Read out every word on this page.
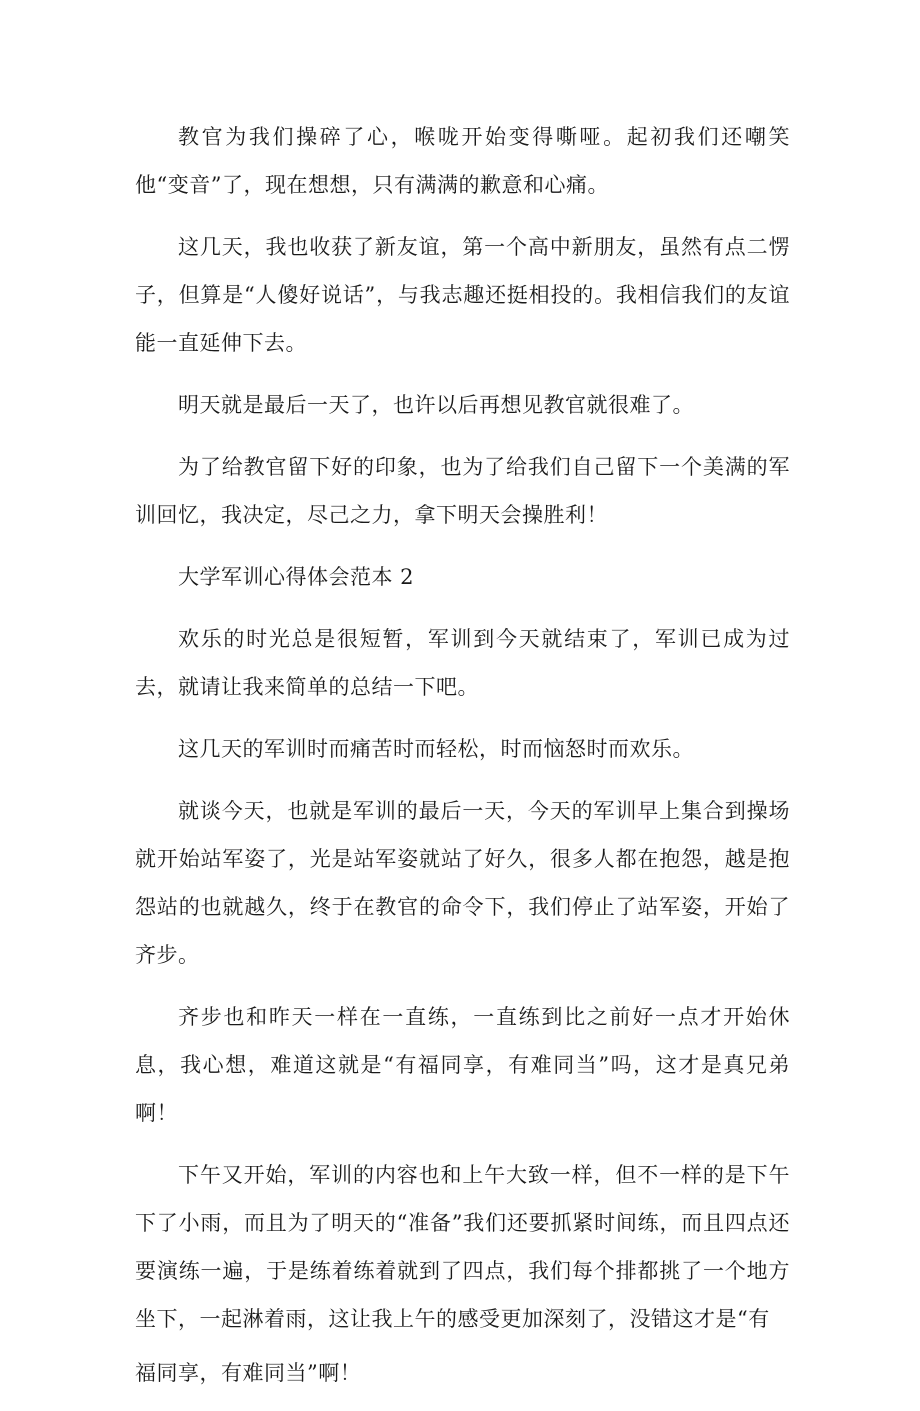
教官为我们操碎了心，喉咙开始变得嘶哑。起初我们还嘲笑他“变音”了，现在想想，只有满满的歉意和心痛。

这几天，我也收获了新友谊，第一个高中新朋友，虽然有点二愣子，但算是“人傻好说话”，与我志趣还挺相投的。我相信我们的友谊能一直延伸下去。

明天就是最后一天了，也许以后再想见教官就很难了。

为了给教官留下好的印象，也为了给我们自己留下一个美满的军训回忆，我决定，尽己之力，拿下明天会操胜利！

大学军训心得体会范本 2

欢乐的时光总是很短暂，军训到今天就结束了，军训已成为过去，就请让我来简单的总结一下吧。

这几天的军训时而痛苦时而轻松，时而恼怒时而欢乐。

就谈今天，也就是军训的最后一天，今天的军训早上集合到操场就开始站军姿了，光是站军姿就站了好久，很多人都在抱怨，越是抱怨站的也就越久，终于在教官的命令下，我们停止了站军姿，开始了齐步。

齐步也和昨天一样在一直练，一直练到比之前好一点才开始休息，我心想，难道这就是“有福同享，有难同当”吗，这才是真兄弟啊！

下午又开始，军训的内容也和上午大致一样，但不一样的是下午下了小雨，而且为了明天的“准备”我们还要抓紧时间练，而且四点还要演练一遍，于是练着练着就到了四点，我们每个排都挑了一个地方坐下，一起淋着雨，这让我上午的感受更加深刻了，没错这才是“有

福同享，有难同当”啊！
